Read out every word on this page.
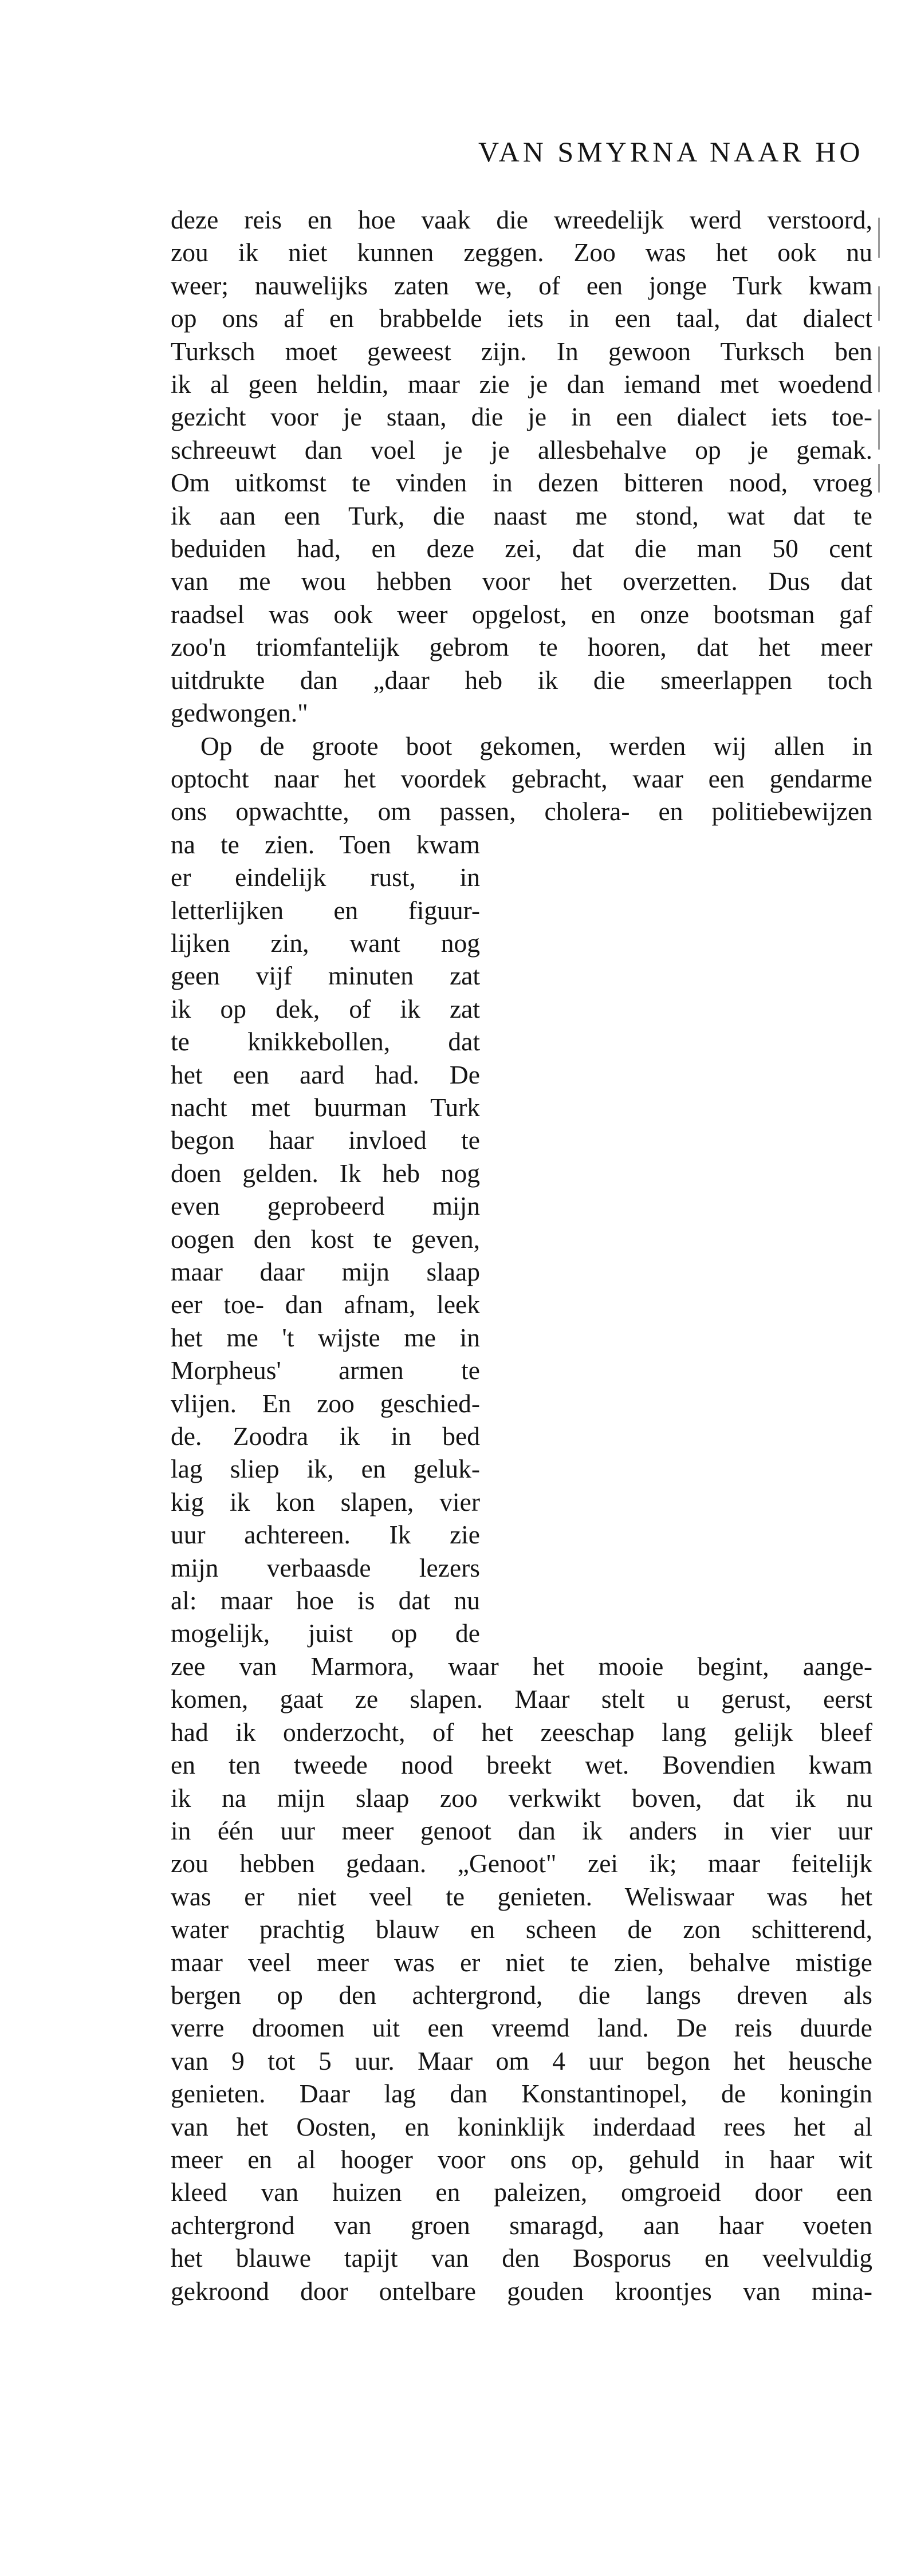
VAN SMYRNA NAAR HO
deze reis en hoe vaak die wreedelijk werd verstoord,
zou ik niet kunnen zeggen. Zoo was het ook nu
weer; nauwelijks zaten we, of een jonge Turk kwam
op ons af en brabbelde iets in een taal, dat dialect
Turksch moet geweest zijn. In gewoon Turksch ben
ik al geen heldin, maar zie je dan iemand met woedend
gezicht voor je staan, die je in een dialect iets toe-
schreeuwt dan voel je je allesbehalve op je gemak.
Om uitkomst te vinden in dezen bitteren nood, vroeg
ik aan een Turk, die naast me stond, wat dat te
beduiden had, en deze zei, dat die man 50 cent
van me wou hebben voor het overzetten. Dus dat
raadsel was ook weer opgelost, en onze bootsman gaf
zoo'n triomfantelijk gebrom te hooren, dat het meer
uitdrukte dan „daar heb ik die smeerlappen toch
gedwongen."
Op de groote boot gekomen, werden wij allen in
optocht naar het voordek gebracht, waar een gendarme
ons opwachtte, om passen, cholera- en politiebewijzen
na te zien. Toen kwam
er eindelijk rust, in
letterlijken en figuur-
lijken zin, want nog
geen vijf minuten zat
ik op dek, of ik zat
te knikkebollen, dat
het een aard had. De
nacht met buurman Turk
begon haar invloed te
doen gelden. Ik heb nog
even geprobeerd mijn
oogen den kost te geven,
maar daar mijn slaap
eer toe- dan afnam, leek
het me 't wijste me in
Morpheus' armen te
vlijen. En zoo geschied-
de. Zoodra ik in bed
lag sliep ik, en geluk-
kig ik kon slapen, vier
uur achtereen. Ik zie
mijn verbaasde lezers
al: maar hoe is dat nu
mogelijk, juist op de
zee van Marmora, waar het mooie begint, aange-
komen, gaat ze slapen. Maar stelt u gerust, eerst
had ik onderzocht, of het zeeschap lang gelijk bleef
en ten tweede nood breekt wet. Bovendien kwam
ik na mijn slaap zoo verkwikt boven, dat ik nu
in één uur meer genoot dan ik anders in vier uur
zou hebben gedaan. „Genoot" zei ik; maar feitelijk
was er niet veel te genieten. Weliswaar was het
water prachtig blauw en scheen de zon schitterend,
maar veel meer was er niet te zien, behalve mistige
bergen op den achtergrond, die langs dreven als
verre droomen uit een vreemd land. De reis duurde
van 9 tot 5 uur. Maar om 4 uur begon het heusche
genieten. Daar lag dan Konstantinopel, de koningin
van het Oosten, en koninklijk inderdaad rees het al
meer en al hooger voor ons op, gehuld in haar wit
kleed van huizen en paleizen, omgroeid door een
achtergrond van groen smaragd, aan haar voeten
het blauwe tapijt van den Bosporus en veelvuldig
gekroond door ontelbare gouden kroontjes van mina-
